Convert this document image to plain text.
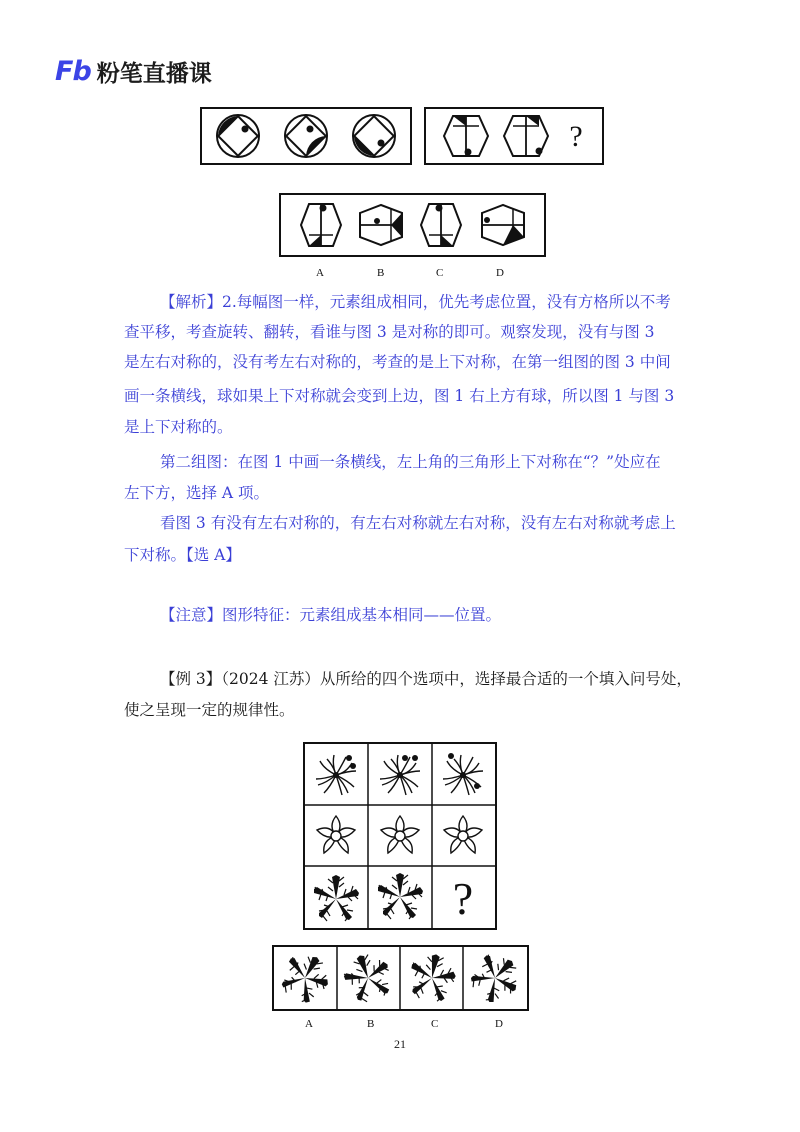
Fb 粉笔直播课
?
A	B	C	D
【解析】2.每幅图一样，元素组成相同，优先考虑位置，没有方格所以不考
查平移，考查旋转、翻转，看谁与图 3 是对称的即可。观察发现，没有与图 3
是左右对称的，没有考左右对称的，考查的是上下对称，在第一组图的图 3 中间
画一条横线，球如果上下对称就会变到上边，图 1 右上方有球，所以图 1 与图 3
是上下对称的。
第二组图：在图 1 中画一条横线，左上角的三角形上下对称在“？”处应在
左下方，选择 A 项。
看图 3 有没有左右对称的，有左右对称就左右对称，没有左右对称就考虑上
下对称。【选 A】
【注意】图形特征：元素组成基本相同——位置。
【例 3】（2024 江苏）从所给的四个选项中，选择最合适的一个填入问号处，
使之呈现一定的规律性。
?
A	B	C	D
21
